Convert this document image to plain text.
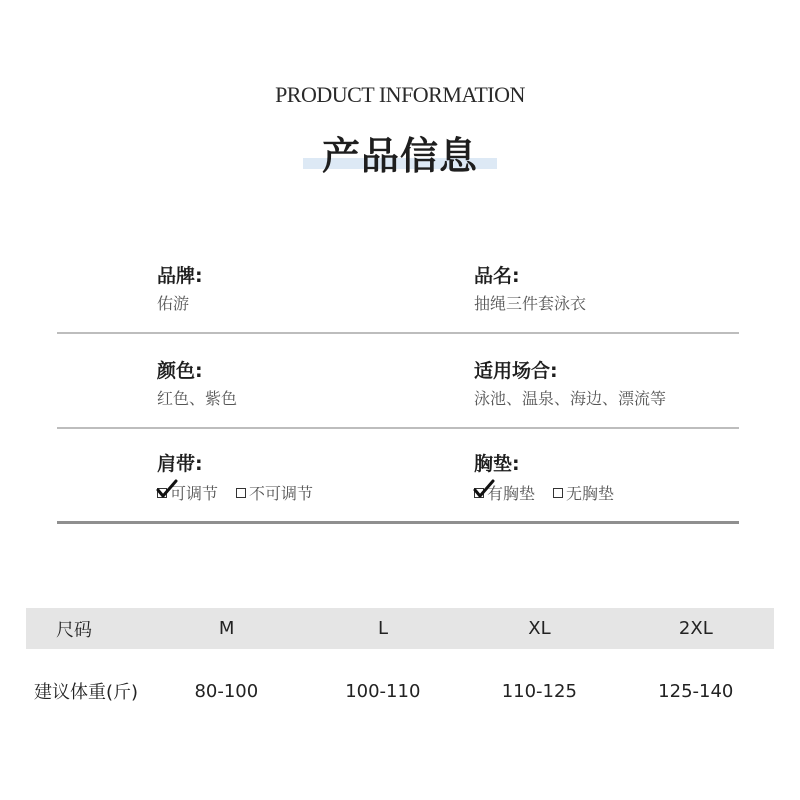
PRODUCT INFORMATION
产品信息
品牌:
佑游
品名:
抽绳三件套泳衣
颜色:
红色、紫色
适用场合:
泳池、温泉、海边、漂流等
肩带:
可调节 不可调节
胸垫:
有胸垫 无胸垫
尺码	M	L	XL	2XL
建议体重(斤)	80-100	100-110	110-125	125-140
